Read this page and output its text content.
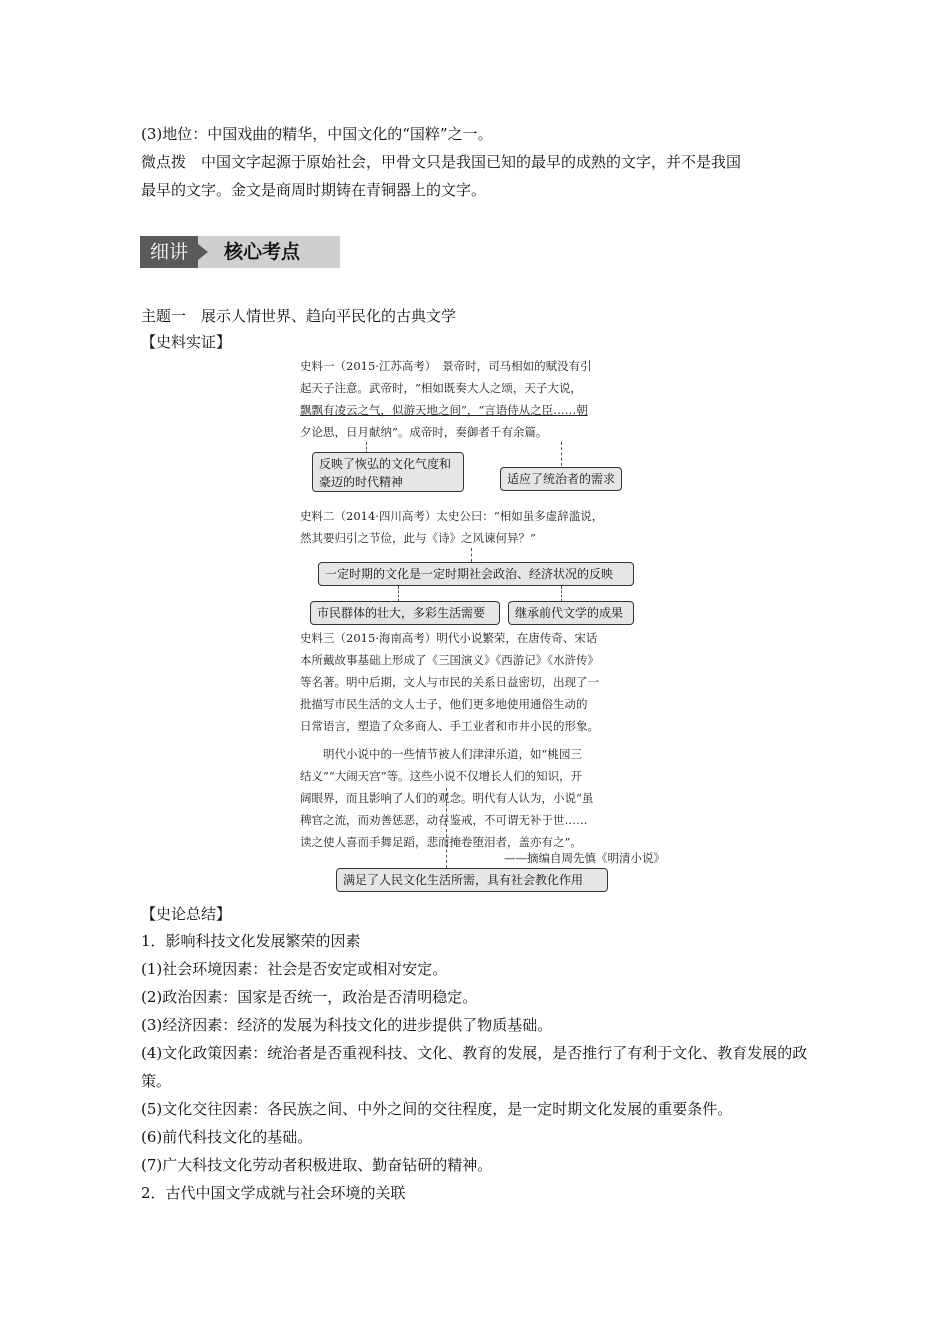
(3)地位：中国戏曲的精华，中国文化的“国粹”之一。
微点拨　中国文字起源于原始社会，甲骨文只是我国已知的最早的成熟的文字，并不是我国
最早的文字。金文是商周时期铸在青铜器上的文字。
细讲	核心考点
主题一　展示人情世界、趋向平民化的古典文学
【史料实证】
史料一（2015·江苏高考）　景帝时，司马相如的赋没有引
起天子注意。武帝时，“相如既奏大人之颂，天子大说，
飘飘有凌云之气，似游天地之间”，“言语侍从之臣……朝
夕论思，日月献纳”。成帝时，奏御者千有余篇。
反映了恢弘的文化气度和豪迈的时代精神	适应了统治者的需求
史料二（2014·四川高考）太史公曰：“相如虽多虚辞滥说，
然其要归引之节俭，此与《诗》之风谏何异？”
一定时期的文化是一定时期社会政治、经济状况的反映
市民群体的壮大，多彩生活需要	继承前代文学的成果
史料三（2015·海南高考）明代小说繁荣，在唐传奇、宋话
本所戴故事基础上形成了《三国演义》《西游记》《水浒传》
等名著。明中后期，文人与市民的关系日益密切，出现了一
批描写市民生活的文人士子，他们更多地使用通俗生动的
日常语言，塑造了众多商人、手工业者和市井小民的形象。
　　明代小说中的一些情节被人们津津乐道，如“桃园三
结义”“大闹天宫”等。这些小说不仅增长人们的知识，开
阔眼界，而且影响了人们的观念。明代有人认为，小说“虽
稗官之流，而劝善惩恶，动存鉴戒，不可谓无补于世……
读之使人喜而手舞足蹈，悲而掩卷堕泪者，盖亦有之”。
——摘编自周先慎《明清小说》
满足了人民文化生活所需，具有社会教化作用
【史论总结】
1．影响科技文化发展繁荣的因素
(1)社会环境因素：社会是否安定或相对安定。
(2)政治因素：国家是否统一，政治是否清明稳定。
(3)经济因素：经济的发展为科技文化的进步提供了物质基础。
(4)文化政策因素：统治者是否重视科技、文化、教育的发展，是否推行了有利于文化、教育发展的政策。
(5)文化交往因素：各民族之间、中外之间的交往程度，是一定时期文化发展的重要条件。
(6)前代科技文化的基础。
(7)广大科技文化劳动者积极进取、勤奋钻研的精神。
2．古代中国文学成就与社会环境的关联
